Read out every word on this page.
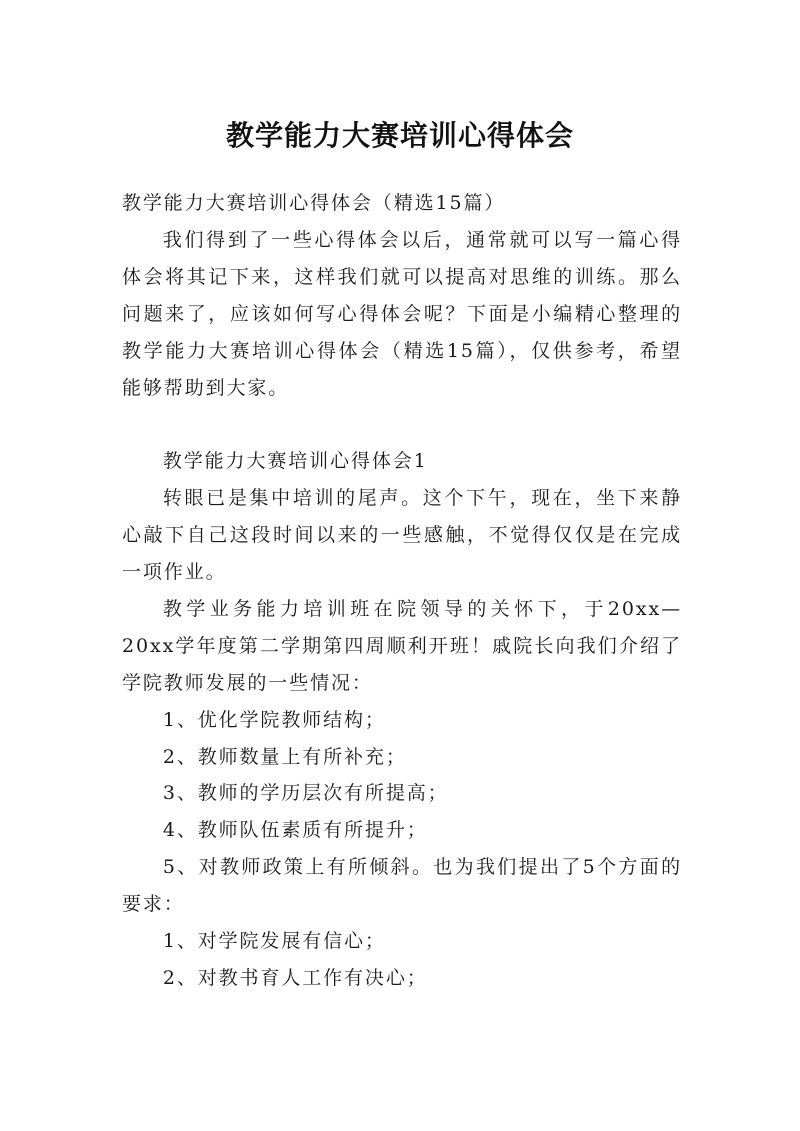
教学能力大赛培训心得体会

教学能力大赛培训心得体会（精选15篇）

我们得到了一些心得体会以后，通常就可以写一篇心得体会将其记下来，这样我们就可以提高对思维的训练。那么问题来了，应该如何写心得体会呢？下面是小编精心整理的教学能力大赛培训心得体会（精选15篇），仅供参考，希望能够帮助到大家。

教学能力大赛培训心得体会1

转眼已是集中培训的尾声。这个下午，现在，坐下来静心敲下自己这段时间以来的一些感触，不觉得仅仅是在完成一项作业。

教学业务能力培训班在院领导的关怀下，于20xx—20xx学年度第二学期第四周顺利开班！戚院长向我们介绍了学院教师发展的一些情况：

1、优化学院教师结构；

2、教师数量上有所补充；

3、教师的学历层次有所提高；

4、教师队伍素质有所提升；

5、对教师政策上有所倾斜。也为我们提出了5个方面的要求：

1、对学院发展有信心；

2、对教书育人工作有决心；
